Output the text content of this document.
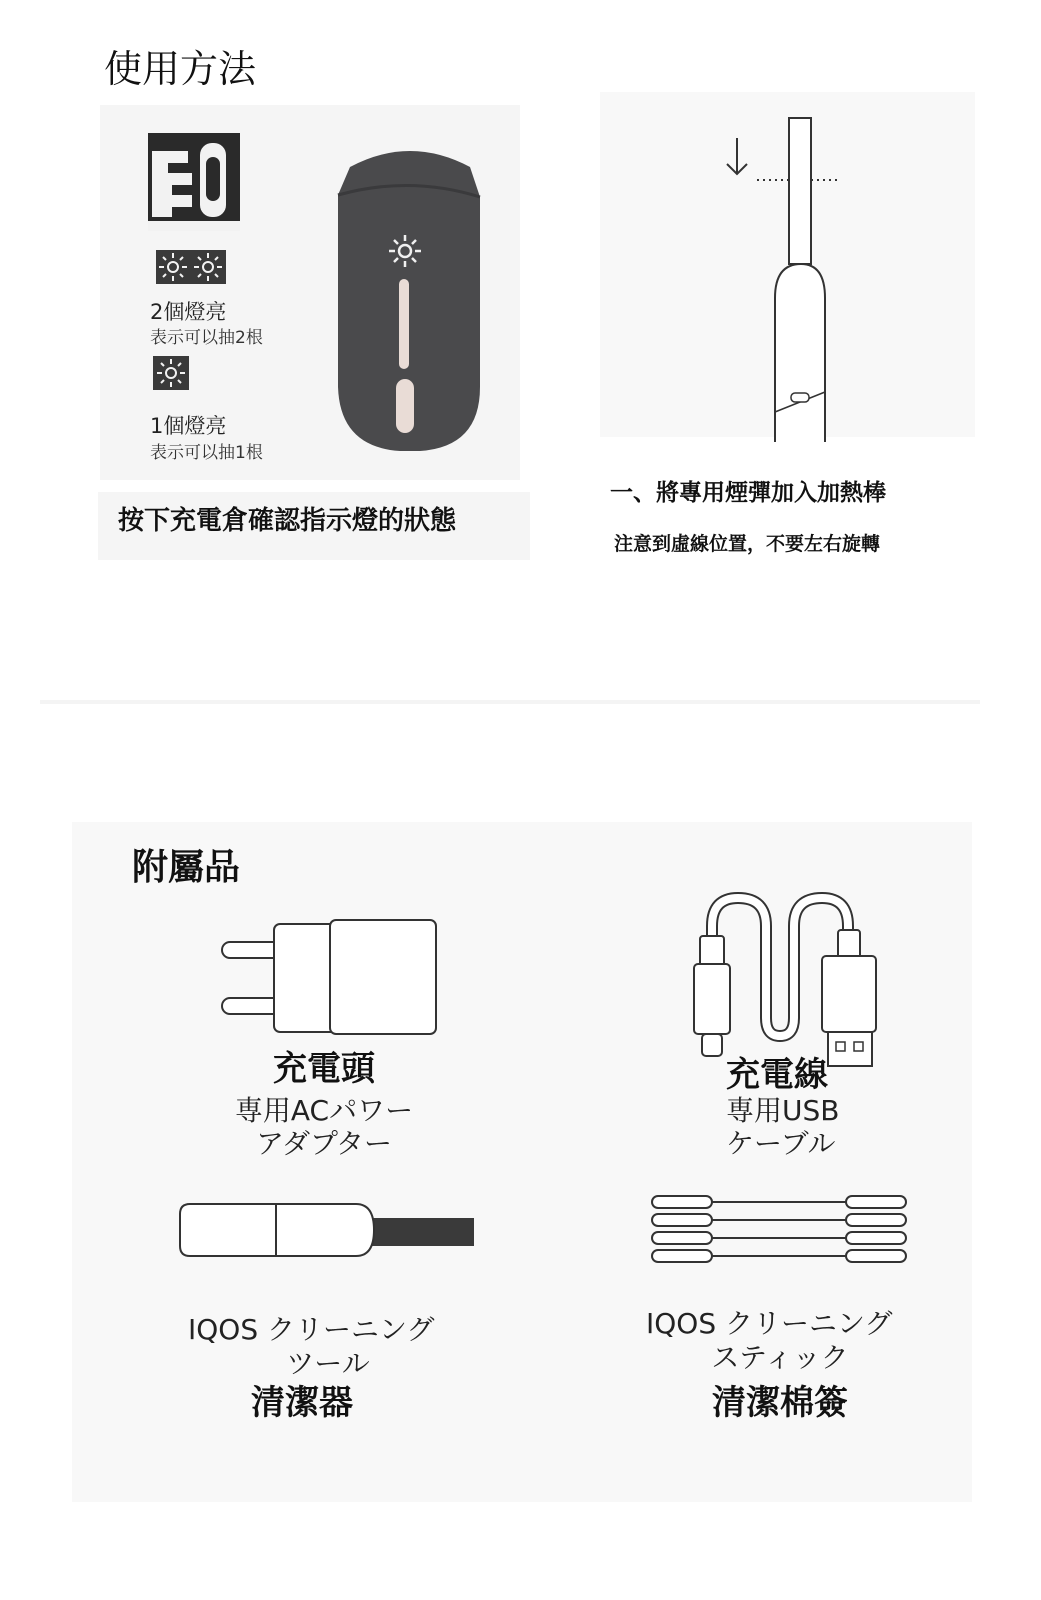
使用方法
2個燈亮
表示可以抽2根
1個燈亮
表示可以抽1根
按下充電倉確認指示燈的狀態
一、將專用煙彈加入加熱棒
注意到虛線位置，不要左右旋轉
附屬品
充電頭
専用ACパワー
アダプター
充電線
専用USB
ケーブル
IQOS クリーニング
ツール
清潔器
IQOS クリーニング
スティック
清潔棉簽
